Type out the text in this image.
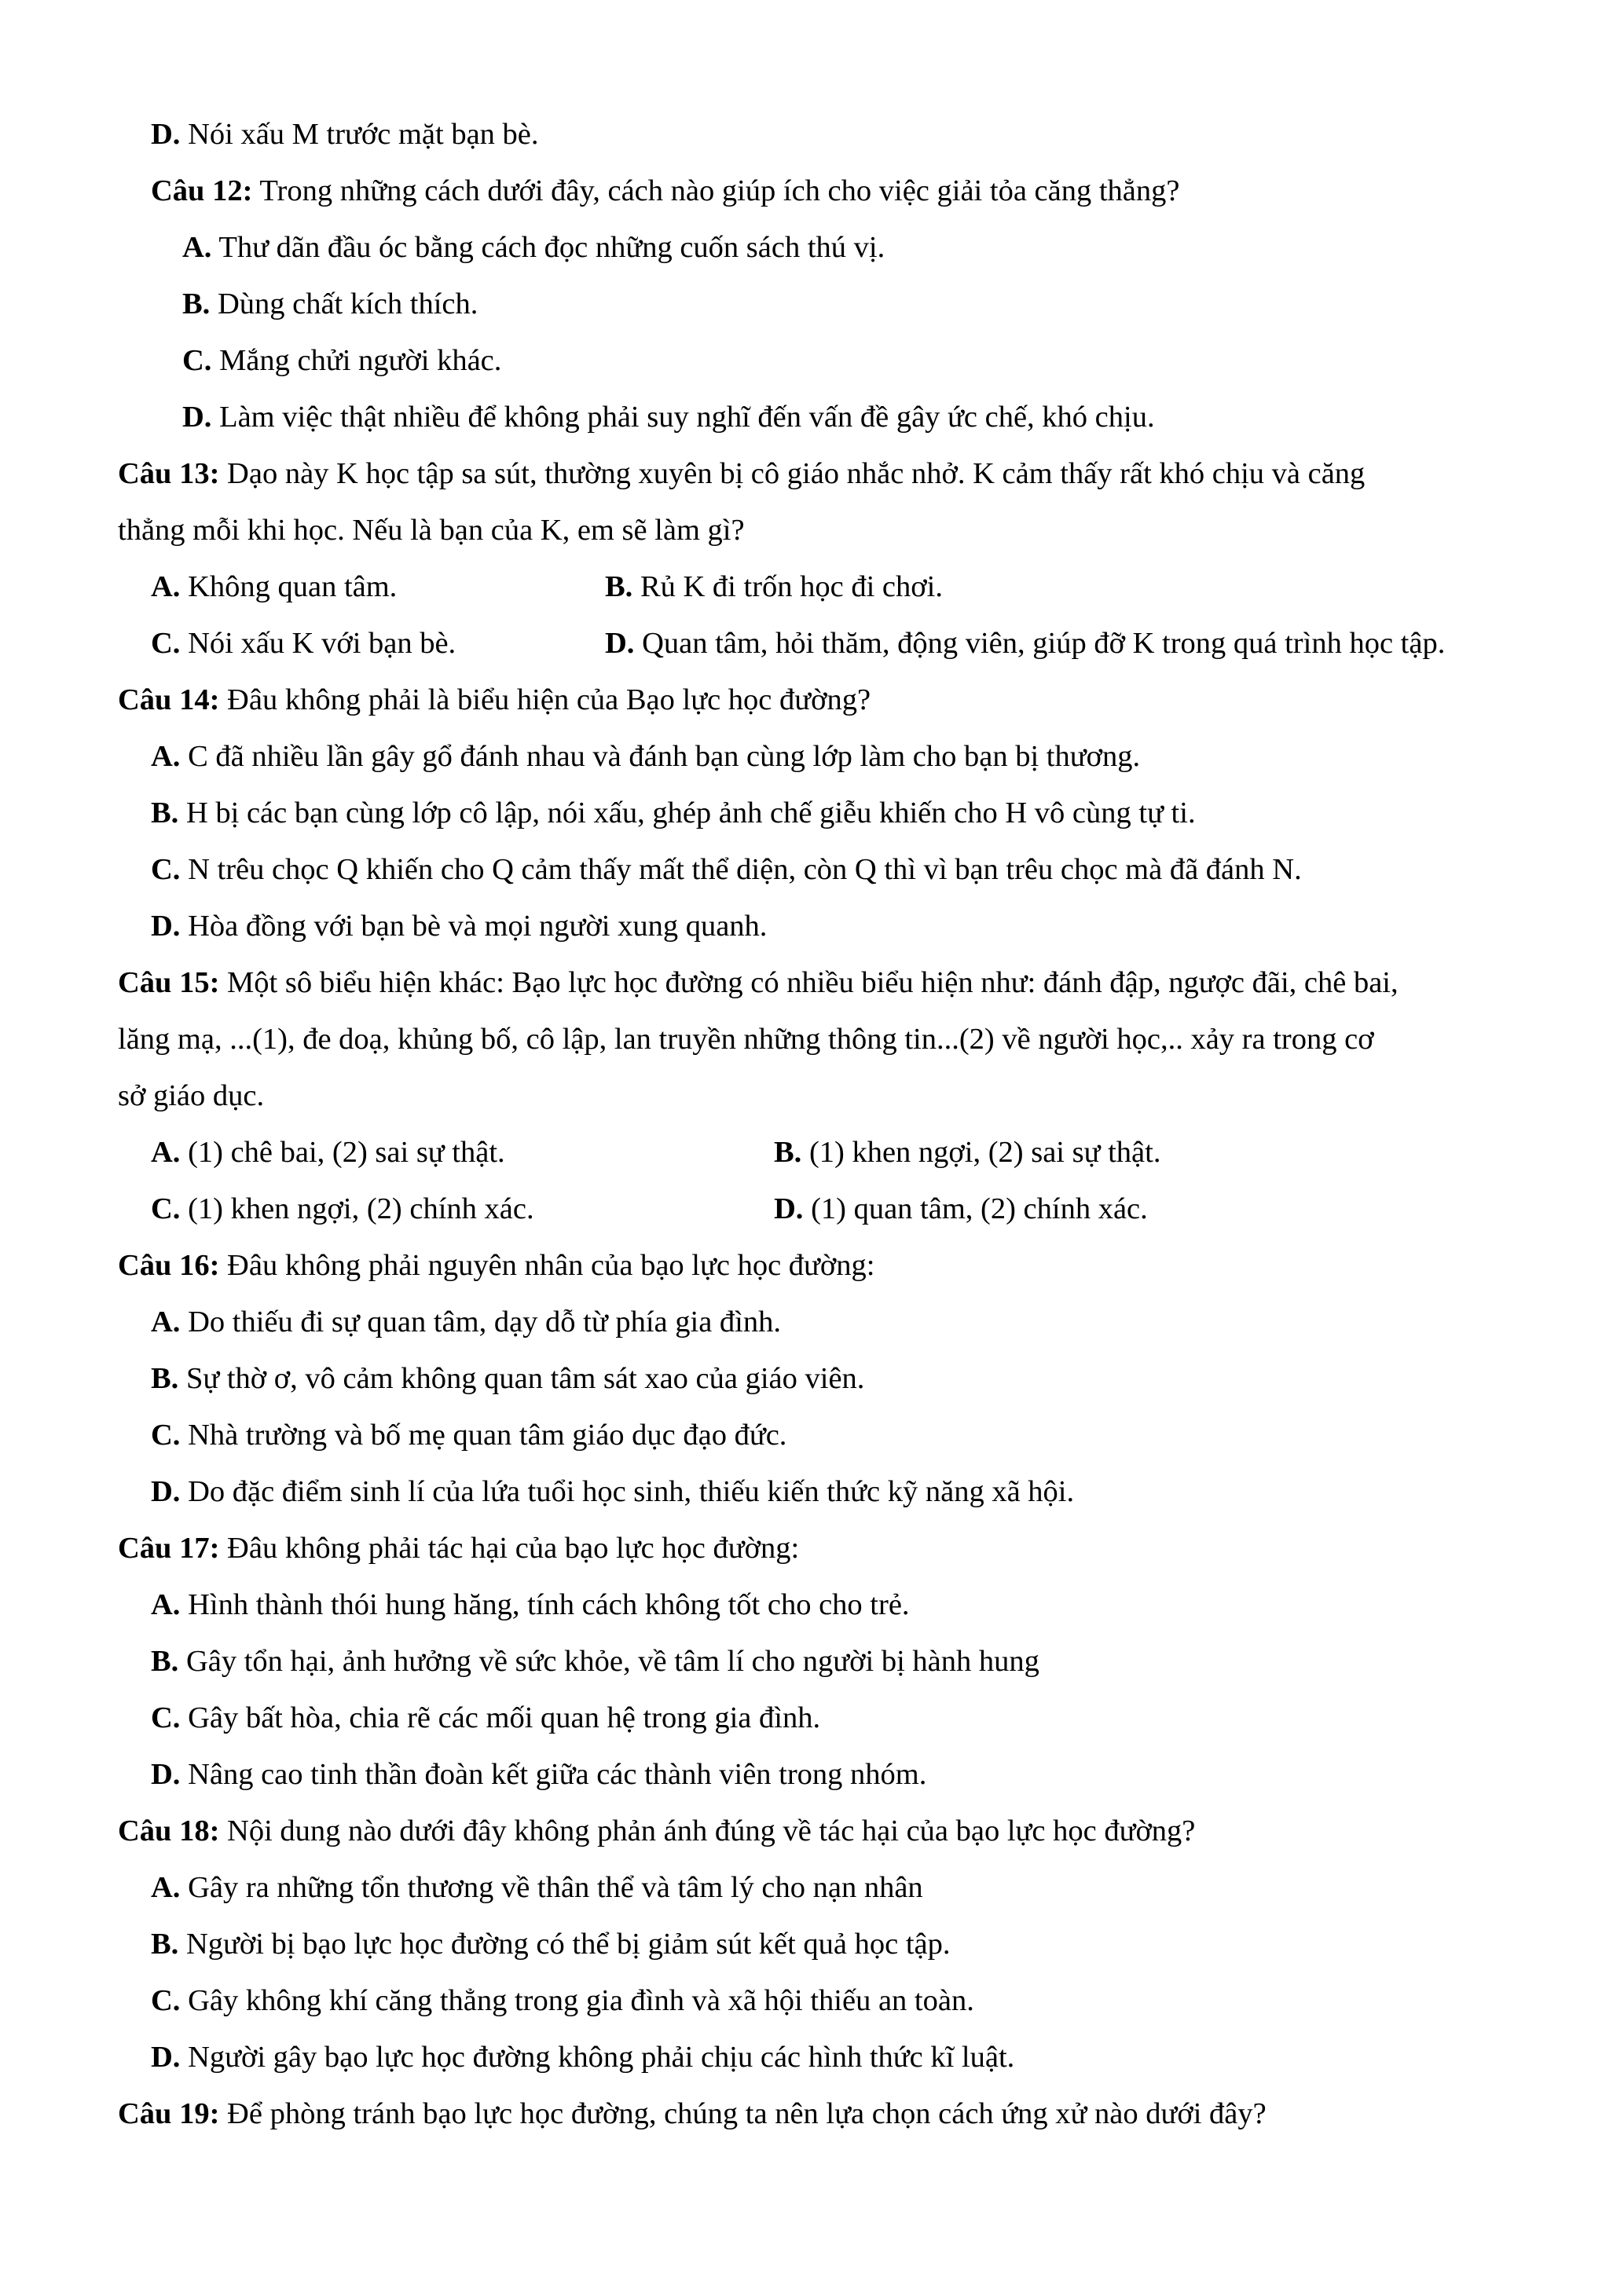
D. Nói xấu M trước mặt bạn bè.
Câu 12: Trong những cách dưới đây, cách nào giúp ích cho việc giải tỏa căng thẳng?
A. Thư dãn đầu óc bằng cách đọc những cuốn sách thú vị.
B. Dùng chất kích thích.
C. Mắng chửi người khác.
D. Làm việc thật nhiều để không phải suy nghĩ đến vấn đề gây ức chế, khó chịu.
Câu 13: Dạo này K học tập sa sút, thường xuyên bị cô giáo nhắc nhở. K cảm thấy rất khó chịu và căng
thẳng mỗi khi học. Nếu là bạn của K, em sẽ làm gì?
A. Không quan tâm.	B. Rủ K đi trốn học đi chơi.
C. Nói xấu K với bạn bè.	D. Quan tâm, hỏi thăm, động viên, giúp đỡ K trong quá trình học tập.
Câu 14: Đâu không phải là biểu hiện của Bạo lực học đường?
A. C đã nhiều lần gây gổ đánh nhau và đánh bạn cùng lớp làm cho bạn bị thương.
B. H bị các bạn cùng lớp cô lập, nói xấu, ghép ảnh chế giễu khiến cho H vô cùng tự ti.
C. N trêu chọc Q khiến cho Q cảm thấy mất thể diện, còn Q thì vì bạn trêu chọc mà đã đánh N.
D. Hòa đồng với bạn bè và mọi người xung quanh.
Câu 15: Một sô biểu hiện khác: Bạo lực học đường có nhiều biểu hiện như: đánh đập, ngược đãi, chê bai,
lăng mạ, ...(1), đe doạ, khủng bố, cô lập, lan truyền những thông tin...(2) về người học,.. xảy ra trong cơ
sở giáo dục.
A. (1) chê bai, (2) sai sự thật.	B. (1) khen ngợi, (2) sai sự thật.
C. (1) khen ngợi, (2) chính xác.	D. (1) quan tâm, (2) chính xác.
Câu 16: Đâu không phải nguyên nhân của bạo lực học đường:
A. Do thiếu đi sự quan tâm, dạy dỗ từ phía gia đình.
B. Sự thờ ơ, vô cảm không quan tâm sát xao của giáo viên.
C. Nhà trường và bố mẹ quan tâm giáo dục đạo đức.
D. Do đặc điểm sinh lí của lứa tuổi học sinh, thiếu kiến thức kỹ năng xã hội.
Câu 17: Đâu không phải tác hại của bạo lực học đường:
A. Hình thành thói hung hăng, tính cách không tốt cho cho trẻ.
B. Gây tổn hại, ảnh hưởng về sức khỏe, về tâm lí cho người bị hành hung
C. Gây bất hòa, chia rẽ các mối quan hệ trong gia đình.
D. Nâng cao tinh thần đoàn kết giữa các thành viên trong nhóm.
Câu 18: Nội dung nào dưới đây không phản ánh đúng về tác hại của bạo lực học đường?
A. Gây ra những tổn thương về thân thể và tâm lý cho nạn nhân
B. Người bị bạo lực học đường có thể bị giảm sút kết quả học tập.
C. Gây không khí căng thẳng trong gia đình và xã hội thiếu an toàn.
D. Người gây bạo lực học đường không phải chịu các hình thức kĩ luật.
Câu 19: Để phòng tránh bạo lực học đường, chúng ta nên lựa chọn cách ứng xử nào dưới đây?
